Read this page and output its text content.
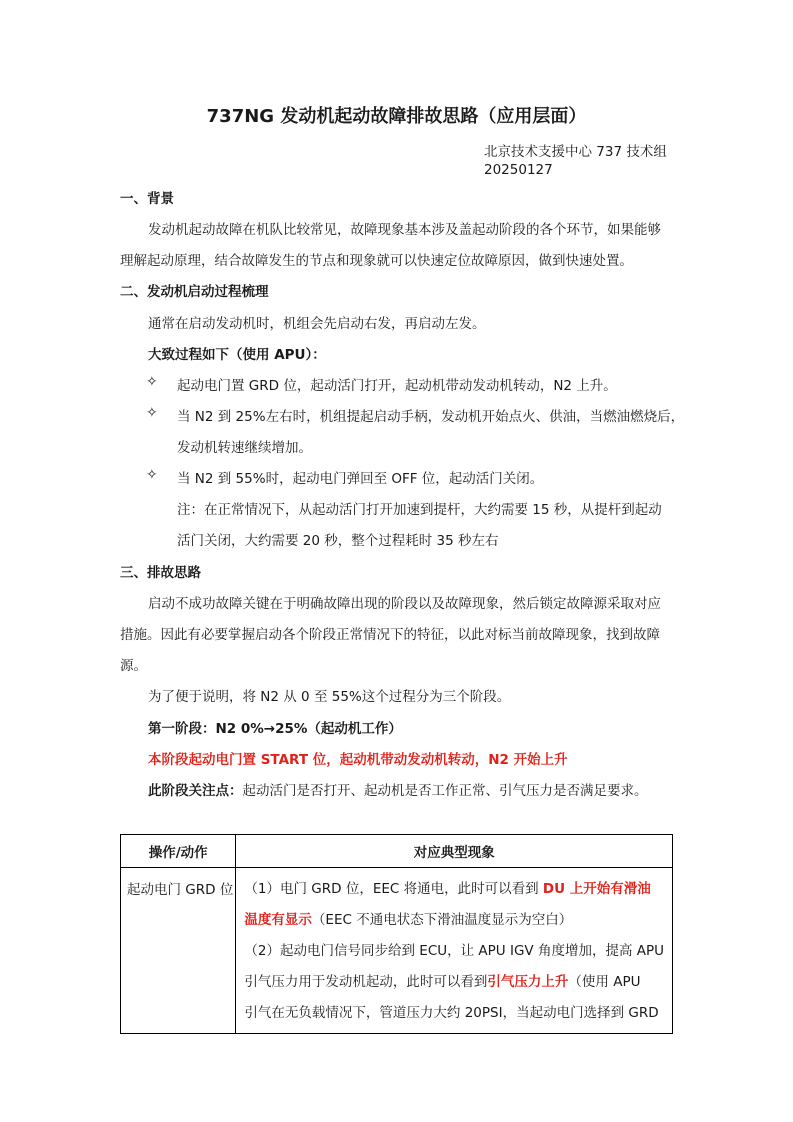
737NG 发动机起动故障排故思路（应用层面）
北京技术支援中心 737 技术组
20250127
一、背景
发动机起动故障在机队比较常见，故障现象基本涉及盖起动阶段的各个环节，如果能够
理解起动原理，结合故障发生的节点和现象就可以快速定位故障原因，做到快速处置。
二、发动机启动过程梳理
通常在启动发动机时，机组会先启动右发，再启动左发。
大致过程如下（使用 APU）：
✧ 起动电门置 GRD 位，起动活门打开，起动机带动发动机转动，N2 上升。
✧ 当 N2 到 25%左右时，机组提起启动手柄，发动机开始点火、供油，当燃油燃烧后，
发动机转速继续增加。
✧ 当 N2 到 55%时，起动电门弹回至 OFF 位，起动活门关闭。
注：在正常情况下，从起动活门打开加速到提杆，大约需要 15 秒，从提杆到起动
活门关闭，大约需要 20 秒，整个过程耗时 35 秒左右
三、排故思路
启动不成功故障关键在于明确故障出现的阶段以及故障现象，然后锁定故障源采取对应
措施。因此有必要掌握启动各个阶段正常情况下的特征，以此对标当前故障现象，找到故障
源。
为了便于说明，将 N2 从 0 至 55%这个过程分为三个阶段。
第一阶段：N2 0%→25%（起动机工作）
本阶段起动电门置 START 位，起动机带动发动机转动，N2 开始上升
此阶段关注点：起动活门是否打开、起动机是否工作正常、引气压力是否满足要求。
操作/动作	对应典型现象
起动电门 GRD 位	（1）电门 GRD 位，EEC 将通电，此时可以看到 DU 上开始有滑油
温度有显示（EEC 不通电状态下滑油温度显示为空白）
（2）起动电门信号同步给到 ECU，让 APU IGV 角度增加，提高 APU
引气压力用于发动机起动，此时可以看到引气压力上升（使用 APU
引气在无负载情况下，管道压力大约 20PSI，当起动电门选择到 GRD
